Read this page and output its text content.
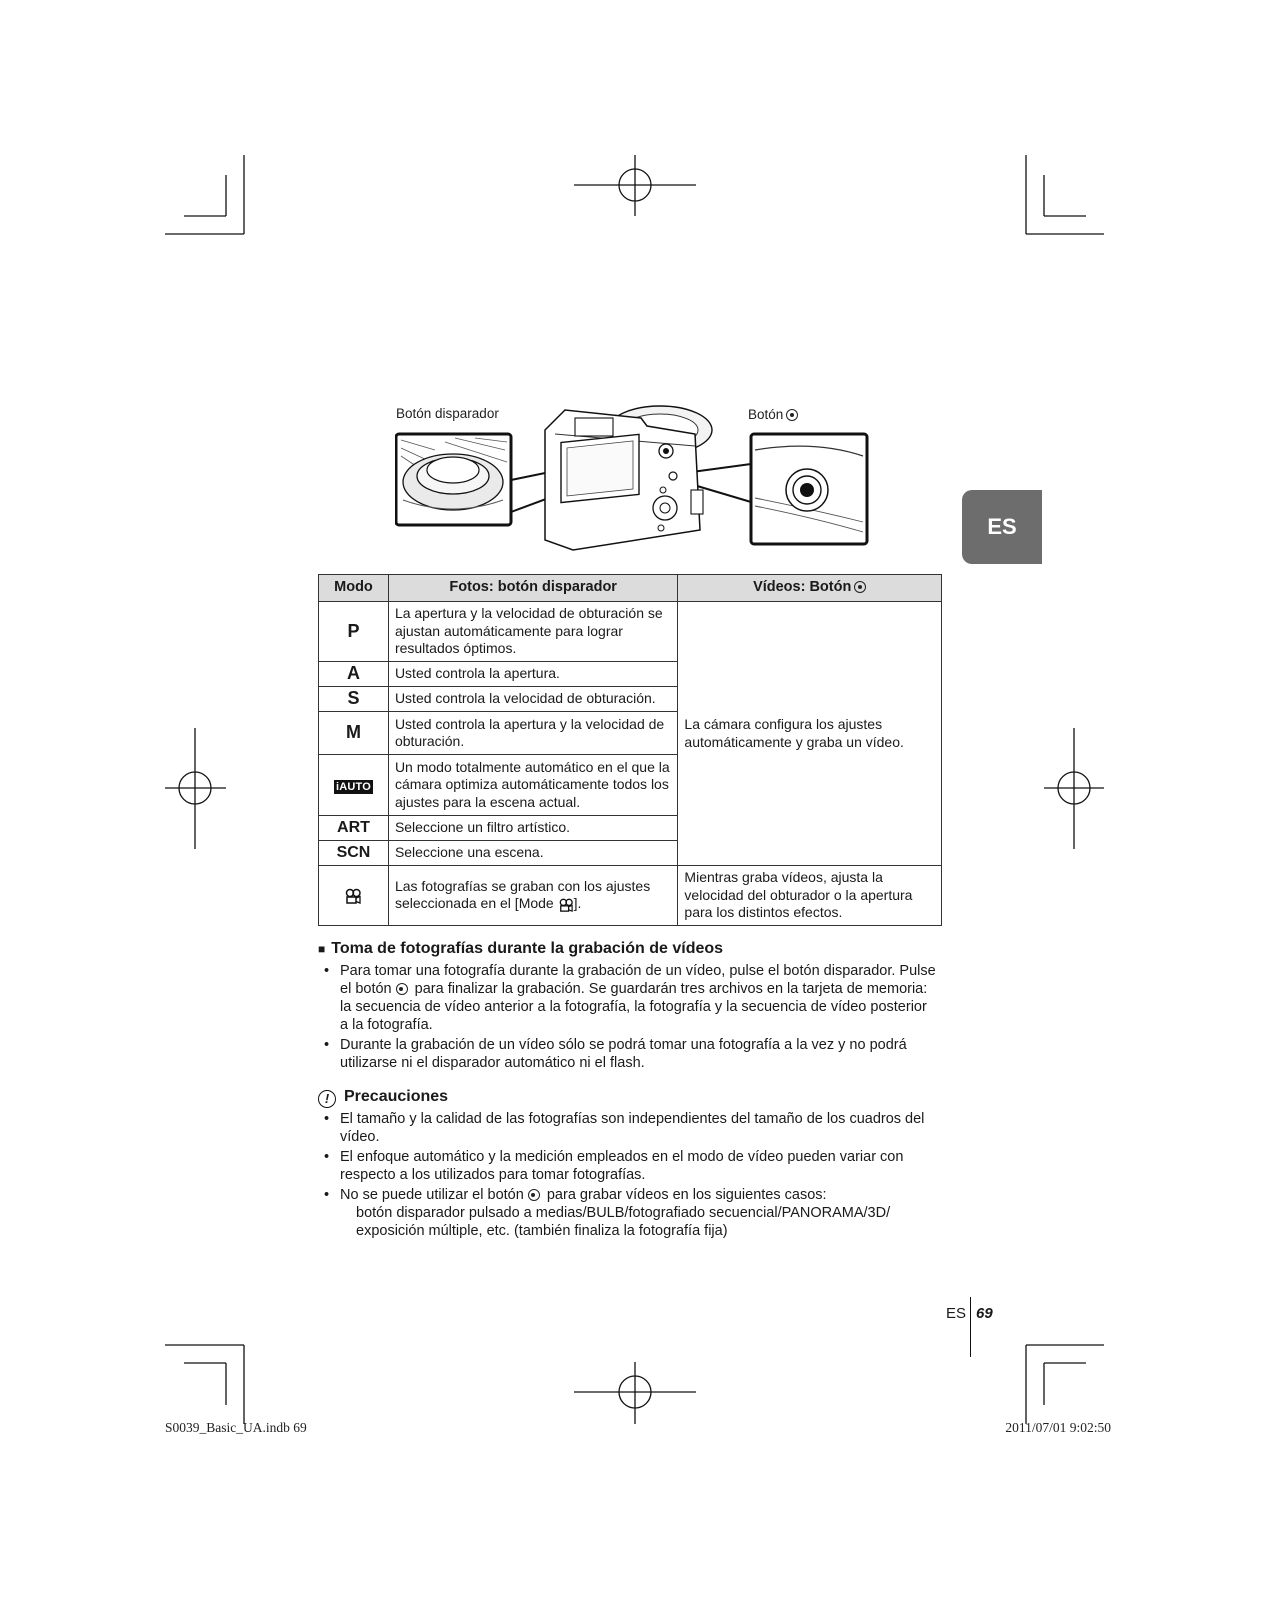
ES
Botón disparador	Botón
Modo	Fotos: botón disparador	Vídeos: Botón
P	La apertura y la velocidad de obturación se ajustan automáticamente para lograr resultados óptimos.	La cámara configura los ajustes automáticamente y graba un vídeo.
A	Usted controla la apertura.	
S	Usted controla la velocidad de obturación.	
M	Usted controla la apertura y la velocidad de obturación.	
iAUTO	Un modo totalmente automático en el que la cámara optimiza automáticamente todos los ajustes para la escena actual.	
ART	Seleccione un filtro artístico.	
SCN	Seleccione una escena.	
	Las fotografías se graban con los ajustes seleccionada en el [Mode ].	Mientras graba vídeos, ajusta la velocidad del obturador o la apertura para los distintos efectos.
■ Toma de fotografías durante la grabación de vídeos
• Para tomar una fotografía durante la grabación de un vídeo, pulse el botón disparador. Pulse el botón para finalizar la grabación. Se guardarán tres archivos en la tarjeta de memoria: la secuencia de vídeo anterior a la fotografía, la fotografía y la secuencia de vídeo posterior a la fotografía.
• Durante la grabación de un vídeo sólo se podrá tomar una fotografía a la vez y no podrá utilizarse ni el disparador automático ni el flash.
! Precauciones
• El tamaño y la calidad de las fotografías son independientes del tamaño de los cuadros del vídeo.
• El enfoque automático y la medición empleados en el modo de vídeo pueden variar con respecto a los utilizados para tomar fotografías.
• No se puede utilizar el botón para grabar vídeos en los siguientes casos:
botón disparador pulsado a medias/BULB/fotografiado secuencial/PANORAMA/3D/ exposición múltiple, etc. (también finaliza la fotografía fija)
ES 69
S0039_Basic_UA.indb 69	2011/07/01 9:02:50
